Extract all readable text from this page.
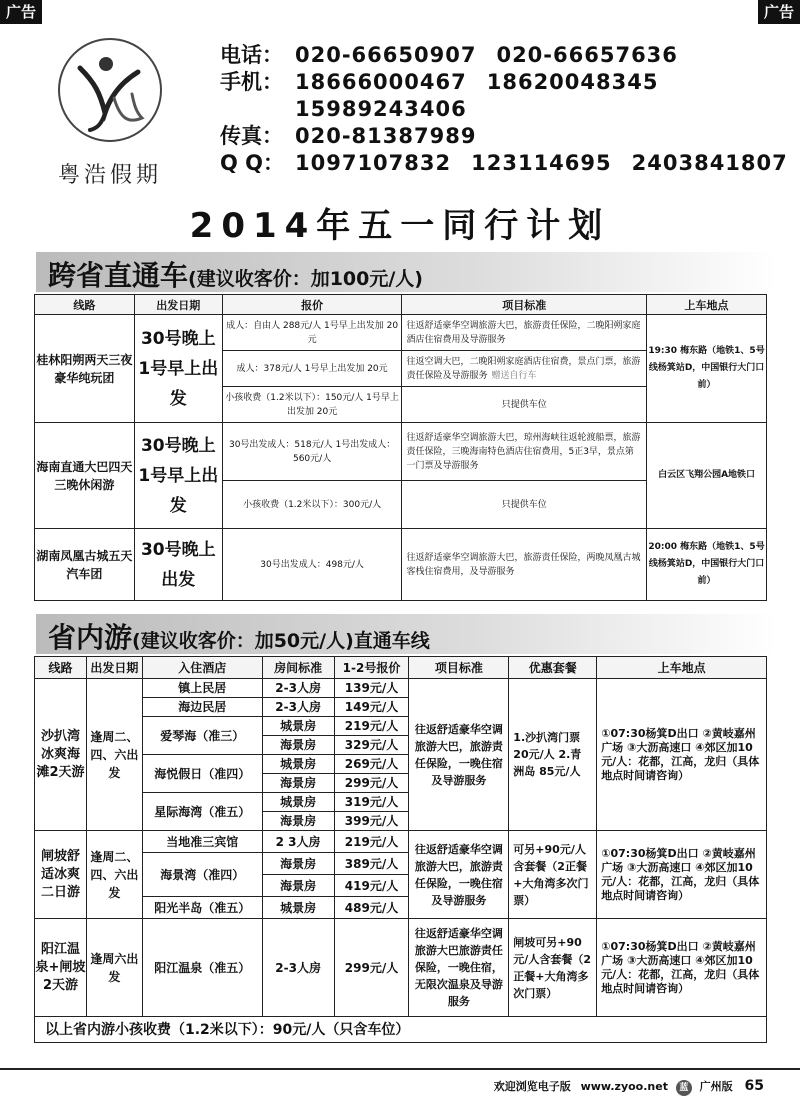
广告	广告
粤浩假期
电话： 020-66650907 020-66657636
手机： 18666000467 18620048345
15989243406
传真： 020-81387989
Q Q： 1097107832 123114695 2403841807
2014年五一同行计划
跨省直通车(建议收客价：加100元/人)
线路	出发日期	报价	项目标准	上车地点
桂林阳朔两天三夜豪华纯玩团	30号晚上 1号早上出发	成人：自由人 288元/人 1号早上出发加 20元	往返舒适豪华空调旅游大巴，旅游责任保险，二晚阳朔家庭酒店住宿费用及导游服务	19:30 梅东路（地铁1、5号线杨箕站D，中国银行大门口前）
		成人：378元/人 1号早上出发加 20元	往返空调大巴，二晚阳朔家庭酒店住宿费，景点门票，旅游责任保险及导游服务 赠送自行车	
		小孩收费（1.2米以下）：150元/人 1号早上出发加 20元	只提供车位	
海南直通大巴四天三晚休闲游	30号晚上 1号早上出发	30号出发成人：518元/人 1号出发成人：560元/人	往返舒适豪华空调旅游大巴，琼州海峡往返轮渡船票，旅游责任保险，三晚海南特色酒店住宿费用，5正3早，景点第一门票及导游服务	白云区飞翔公园A地铁口
		小孩收费（1.2米以下）：300元/人	只提供车位	
湖南凤凰古城五天汽车团	30号晚上出发	30号出发成人：498元/人	往返舒适豪华空调旅游大巴，旅游责任保险，两晚凤凰古城客栈住宿费用，及导游服务	20:00 梅东路（地铁1、5号线杨箕站D，中国银行大门口前）
省内游(建议收客价：加50元/人)直通车线
线路	出发日期	入住酒店	房间标准	1-2号报价	项目标准	优惠套餐	上车地点
沙扒湾冰爽海滩2天游	逢周二、四、六出发	镇上民居	2-3人房	139元/人	往返舒适豪华空调旅游大巴，旅游责任保险，一晚住宿及导游服务	1.沙扒湾门票20元/人 2.青洲岛 85元/人	①07:30杨箕D出口 ②黄岐嘉州广场 ③大沥高速口 ④郊区加10元/人：花都，江高，龙归（具体地点时间请咨询）
		海边民居	2-3人房	149元/人			
		爱琴海（准三）	城景房	219元/人			
			海景房	329元/人			
		海悦假日（准四）	城景房	269元/人			
			海景房	299元/人			
		星际海湾（准五）	城景房	319元/人			
			海景房	399元/人			
闸坡舒适冰爽二日游	逢周二、四、六出发	当地准三宾馆	2 3人房	219元/人	往返舒适豪华空调旅游大巴，旅游责任保险，一晚住宿及导游服务	可另+90元/人含套餐（2正餐+大角湾多次门票）	①07:30杨箕D出口 ②黄岐嘉州广场 ③大沥高速口 ④郊区加10元/人：花都，江高，龙归（具体地点时间请咨询）
		海景湾（准四）	海景房	389元/人			
			海景房	419元/人			
		阳光半岛（准五）	城景房	489元/人			
阳江温泉+闸坡2天游	逢周六出发	阳江温泉（准五）	2-3人房	299元/人	往返舒适豪华空调旅游大巴旅游责任保险，一晚住宿，无限次温泉及导游服务	闸坡可另+90元/人含套餐（2正餐+大角湾多次门票）	①07:30杨箕D出口 ②黄岐嘉州广场 ③大沥高速口 ④郊区加10元/人：花都，江高，龙归（具体地点时间请咨询）
以上省内游小孩收费（1.2米以下）：90元/人（只含车位）							
欢迎浏览电子版 www.zyoo.net 蓝 广州版 65
